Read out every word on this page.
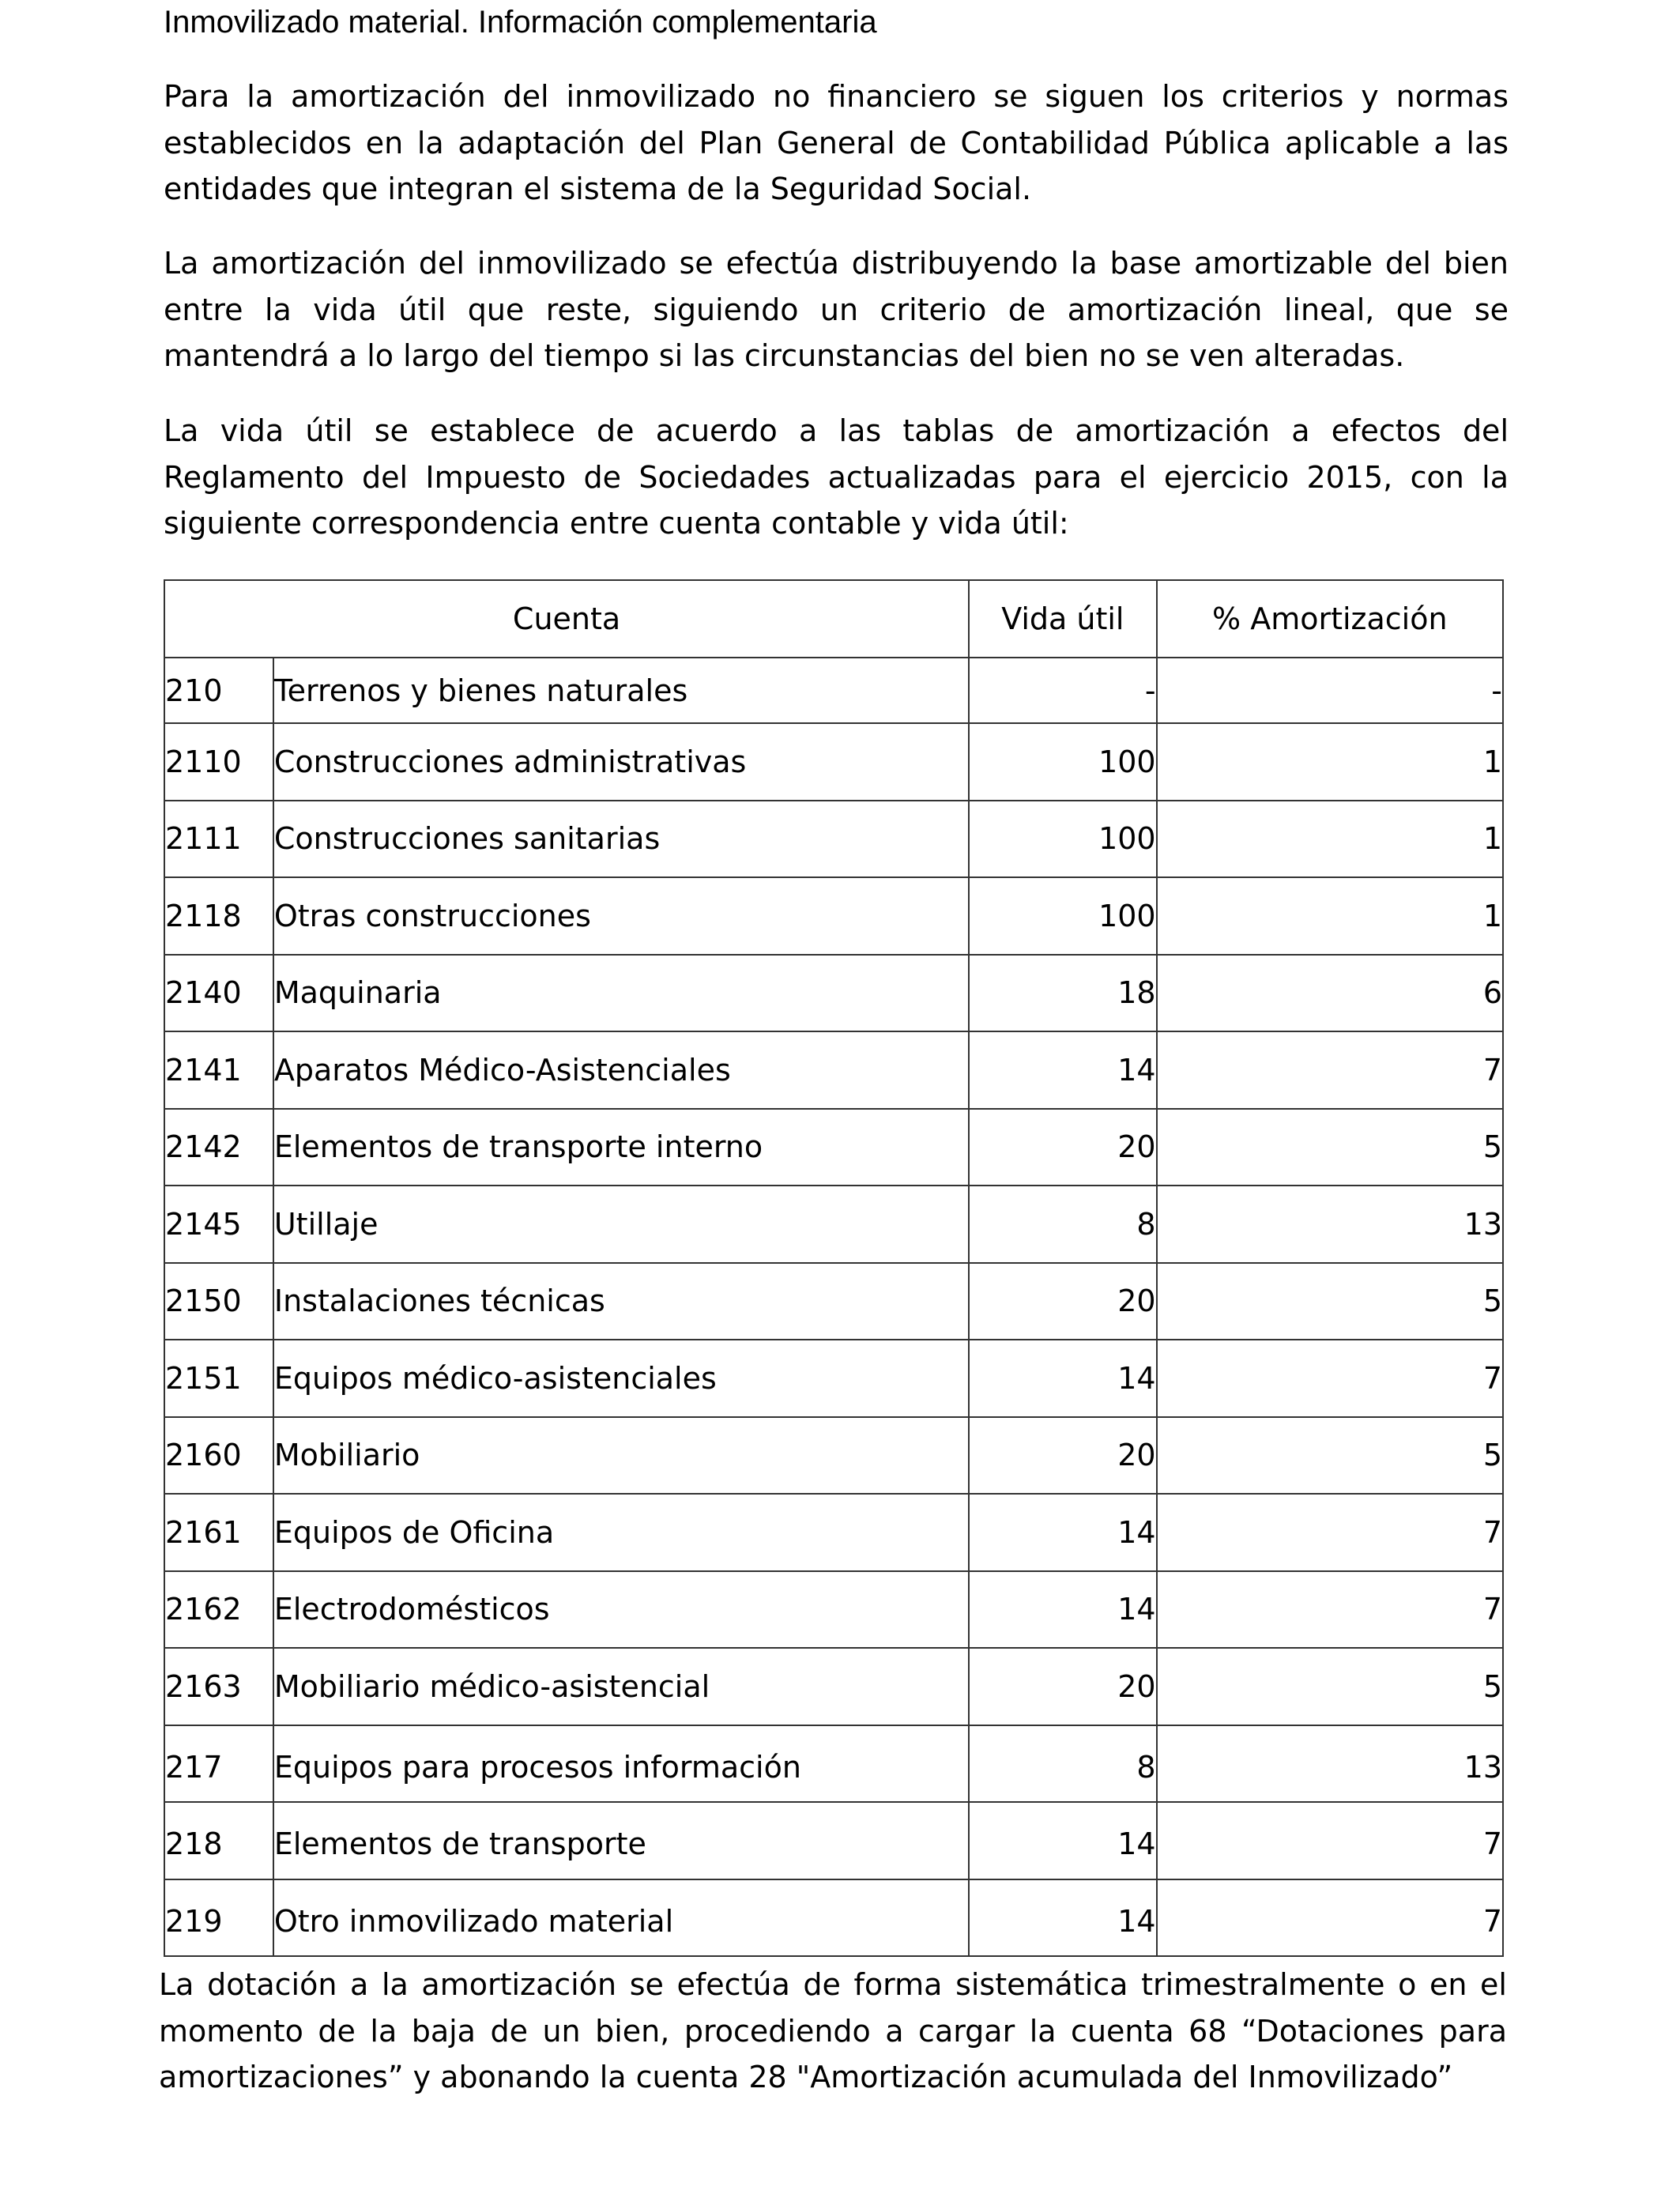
Inmovilizado material. Información complementaria
Para la amortización del inmovilizado no financiero se siguen los criterios y normas establecidos en la adaptación del Plan General de Contabilidad Pública aplicable a las entidades que integran el sistema de la Seguridad Social.
La amortización del inmovilizado se efectúa distribuyendo la base amortizable del bien entre la vida útil que reste, siguiendo un criterio de amortización lineal, que se mantendrá a lo largo del tiempo si las circunstancias del bien no se ven alteradas.
La vida útil se establece de acuerdo a las tablas de amortización a efectos del Reglamento del Impuesto de Sociedades actualizadas para el ejercicio 2015, con la siguiente correspondencia entre cuenta contable y vida útil:
Cuenta		Vida útil	% Amortización
210	Terrenos y bienes naturales	-	-
2110	Construcciones administrativas	100	1
2111	Construcciones sanitarias	100	1
2118	Otras construcciones	100	1
2140	Maquinaria	18	6
2141	Aparatos Médico-Asistenciales	14	7
2142	Elementos de transporte interno	20	5
2145	Utillaje	8	13
2150	Instalaciones técnicas	20	5
2151	Equipos médico-asistenciales	14	7
2160	Mobiliario	20	5
2161	Equipos de Oficina	14	7
2162	Electrodomésticos	14	7
2163	Mobiliario médico-asistencial	20	5
217	Equipos para procesos información	8	13
218	Elementos de transporte	14	7
219	Otro inmovilizado material	14	7
La dotación a la amortización se efectúa de forma sistemática trimestralmente o en el momento de la baja de un bien, procediendo a cargar la cuenta 68 “Dotaciones para amortizaciones” y abonando la cuenta 28 "Amortización acumulada del Inmovilizado”
